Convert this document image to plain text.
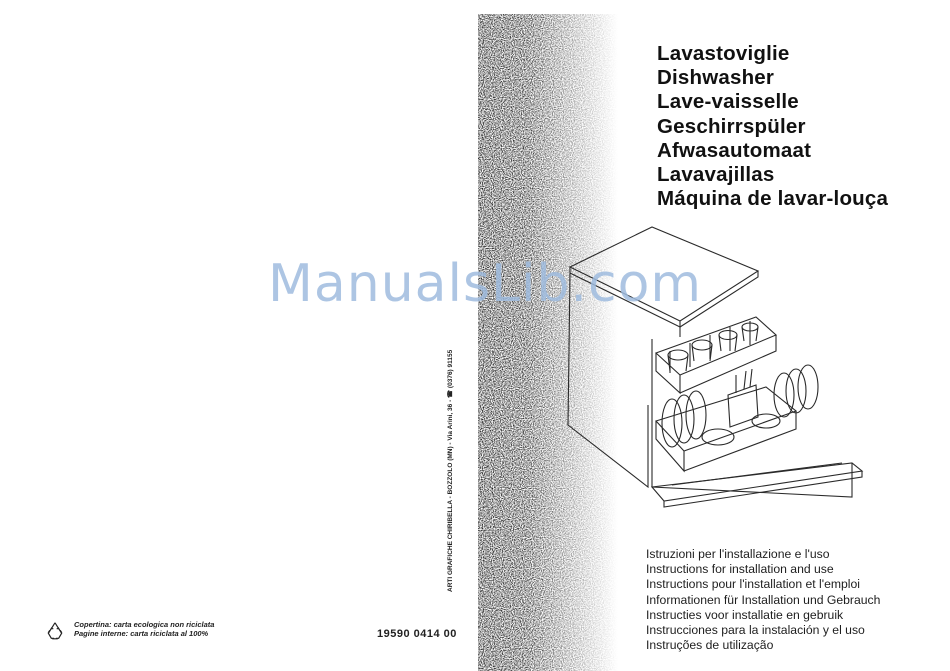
Copertina: carta ecologica non riciclata
Pagine interne: carta riciclata al 100%	19590 0414 00
ARTI GRAFICHE CHIRIBELLA - BOZZOLO (MN) - Via Arini, 36 - ☎ (0376) 91155
Lavastoviglie
Dishwasher
Lave-vaisselle
Geschirrspüler
Afwasautomaat
Lavavajillas
Máquina de lavar-louça
ManualsLib.com
Istruzioni per l'installazione e l'uso
Instructions for installation and use
Instructions pour l'installation et l'emploi
Informationen für Installation und Gebrauch
Instructies voor installatie en gebruik
Instrucciones para la instalación y el uso
Instruções de utilização
